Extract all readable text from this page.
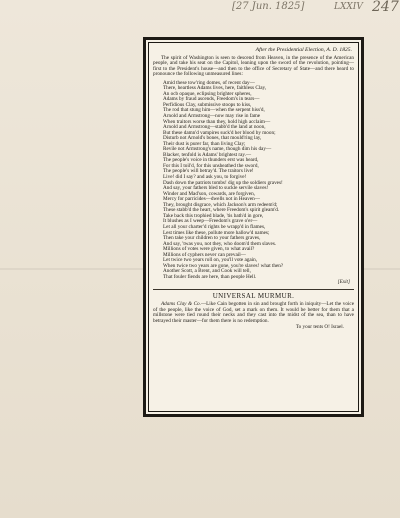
[27 Jun. 1825]	LXXIV 247
After the Presidential Election, A. D. 1825.

The spirit of Washington is seen to descend from Heaven, in the presence of the American people, and take his seat on the Capitol, leaning upon the sword of the revolution, pointing—first to the President's house—and then to the office of Secretary of State—and there heard to pronounce the following unmeasured lines:

Amid these tow'ring domes, of recent day—
There, heartless Adams lives, here, faithless Clay,
An ocb opaque, eclipsing brighter spheres,
Adams by fraud ascends, Freedom's in tears—
Perfidious Clay, submissive stoops to kiss,
The rod that stung him—when the serpent hiss'd,
Arnold and Armstrong—now may rise in fame
When traitors worse than they, hold high acclaim—
Arnold and Armstrong—stabb'd the land at noon,
But these damn'd vampires suck'd her blood by moon;
Disturb not Arnold's bones, that mould'ring lay,
Their dust is purer far, than living Clay;
Revile not Armstrong's name, though dim his day—
Blacker, tenfold is Adams' brightest ray.—
The people's voice in thunders erst was heard,
For this I toil'd, for this unsheathed the sword,
The people's will betray'd. The traitors live!
Live! did I say? and ask you, to forgive!
Dash down the patriots tombs! dig up the soldiers graves!
And say, your fathers bled to suckle servile slaves!
Winder and Mad'son, cowards, are forgiven,
Mercy for parricides—dwells not in Heaven—
They, brought disgrace, which Jackson's arm redeem'd;
These stabb'd the heart, where Freedom's spirit gleam'd.
Take back this trophied blade, 'tis bath'd in gore,
It blushes as I weep—Freedom's grave o'er—
Let all your charter'd rights be wrapp'd in flames,
Lest times like these, pollute more hallow'd names;
Then take your children to your fathers graves,
And say, 'twas you, not they, who doom'd them slaves.
Millions of votes were given, to what avail?
Millions of cyphers never can prevail—
Let twice two years roll on, you'll vote again,
When twice two years are gone, you're slaves! what then?
Another Scott, a Brent, and Cook will tell,
That fouler fiends are here, than people Hell.
[Exit]
UNIVERSAL MURMUR.

Adams Clay & Co.—Like Cain begotten in sin and brought forth in iniquity—Let the voice of the people, like the voice of God, set a mark on them. It would be better for them that a millstone were tied round their necks and they cast into the midst of the sea, than to have betrayed their master—for them there is no redemption.

To your tents O! Israel.
